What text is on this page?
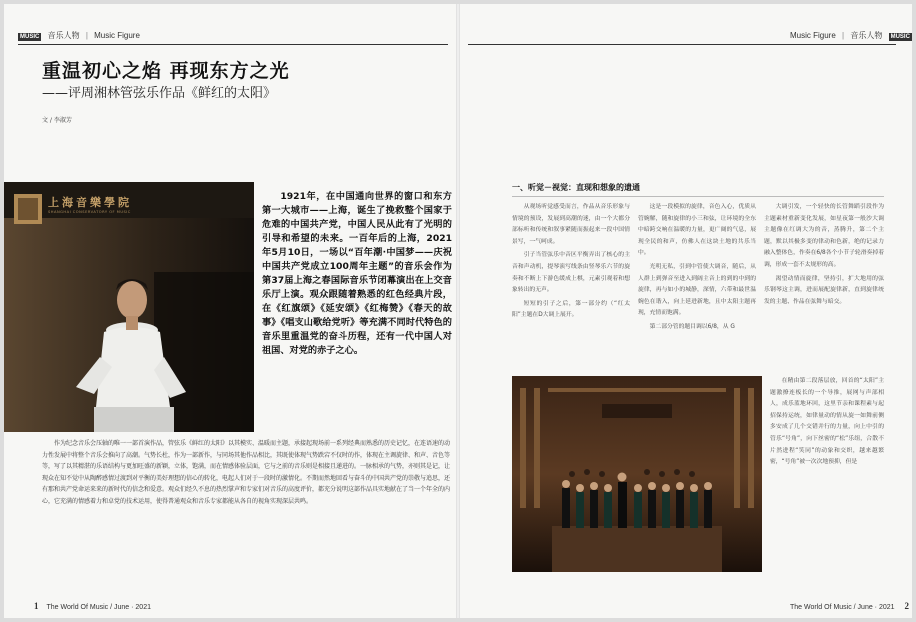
MUSIC 音乐人物 | Music Figure
重温初心之焰 再现东方之光
——评周湘林管弦乐作品《鲜红的太阳》
文 / 李淑芳
上海音樂學院
SHANGHAI CONSERVATORY OF MUSIC
1921年，在中国通向世界的窗口和东方第一大城市——上海，诞生了挽救整个国家于危难的中国共产党，中国人民从此有了光明的引导和希望的未来。一百年后的上海，2021年5月10日，一场以“百年潮·中国梦——庆祝中国共产党成立100周年主题”的音乐会作为第37届上海之春国际音乐节闭幕演出在上交音乐厅上演。观众跟随着熟悉的红色经典片段，在《红旗颂》《延安颂》《红梅赞》《春天的故事》《唱支山歌给党听》等充满不同时代特色的音乐里重温党的奋斗历程，还有一代中国人对祖国、对党的赤子之心。
作为纪念音乐会压轴的唯一一部首演作品，管弦乐《鲜红的太阳》以其模实、温暖而主题，承接起现场前一系列经典而熟悉的历史记忆，在连语速的动力性发展中将整个音乐会推向了高潮。气势长杜，作为一部新作，与同场其他作品相比，其既使体现气势跌宕不仅时的作，体现在主调旋律、和声、音色等等，写了以其精湛的乐语结构与更加旺盛的新颖，立体，饱满，而在情感体验层面，它与之前的音乐则是相接且递进的。一脉相承的气势，亦则其是记，让现众在知不觉中从陶醉感情过渡到对平衡的美好理想的信心的转化，电起人们对于一段时的激情化。不期而然地回看与奋斗的中国共产党的崇敬与追思，还有那和共产党命运来来的新时代的信念和爱意。观众们经久不息的热烈掌声和专家们对音乐的高度评价，都充分说明这部作品具实地献在了当一个年全的内心，它充满的情感着力和卓党的技术运用，使得普通观众和音乐专家都能从各自的视角实现深层共鸣。
1 The World Of Music / June · 2021
Music Figure | 音乐人物 MUSIC
一、听觉－视觉：直现和想象的遗通

从观场听觉感受而言，作品从音乐形象与情境的预设，发展到高潮的迷，由一个大都分部标听和传统和叙事紧随而振起来一段中国情景写，一气呵成。

引子当管弦乐中音区平衡弄出了核心的主音和声动机，提琴演写线条由竖琴乐六节的旋奏和不断上下游色缓成上棋，元素引观着和想象转出的无声。

短短的引子之后，第一部分约（“红太阳”主题在D大调上展开。

这是一段模拟的旋律，音色入心，优质从管婉解，随和旋律的小三和弦，让环境的全东中暗跨交响在温暖的力量，更广阔的气息，展现全民的和声，仿佛人在这块土地的共乐当中。

光明无私，引到中管使大调音，随后，从人群上到弹音至进入到阔主音上的到的中到的旋律，再与如小的城静，深情，六带和最世温婉色在谐入，向上延进新地，且中太阳主题再现，充情而饱满。

第二部分管的题目调以6/8，从 G

大调引发，一个轻快的长管舞蹈引段作为主题素材重新变化发展，如星夜第一般沙大调主题像在红调大为的音，蒸腾升，第二个主题，默以其极多变的律动和色新，绝的记录力融入整体色，作奏在6/8各个小节子轮滑奏掉着调，形成一套不太规形的高。

渴望动情而旋律，坚持引，扩大地用的弦乐钢琴这主调，进而展配旋律新，直到旋律统发的主题、作品在弦舞与暗交。

在精由第二段落层放，回首的“太阳”主题激撩连板长的一个导推，展网与声部相人，成乐蓝地环回，这里节亲和课程素与起招保持运统，如律量动的情从旋一如舞前侧多安成了几个交错并行的力量，向上中引的管乐“号角”，向下丝密的“松”乐组，合散不片然进程“笑同”的动象和交织，越来越繁密，“号角”被一次次地预抑，但是

The World Of Music / June · 2021 2
